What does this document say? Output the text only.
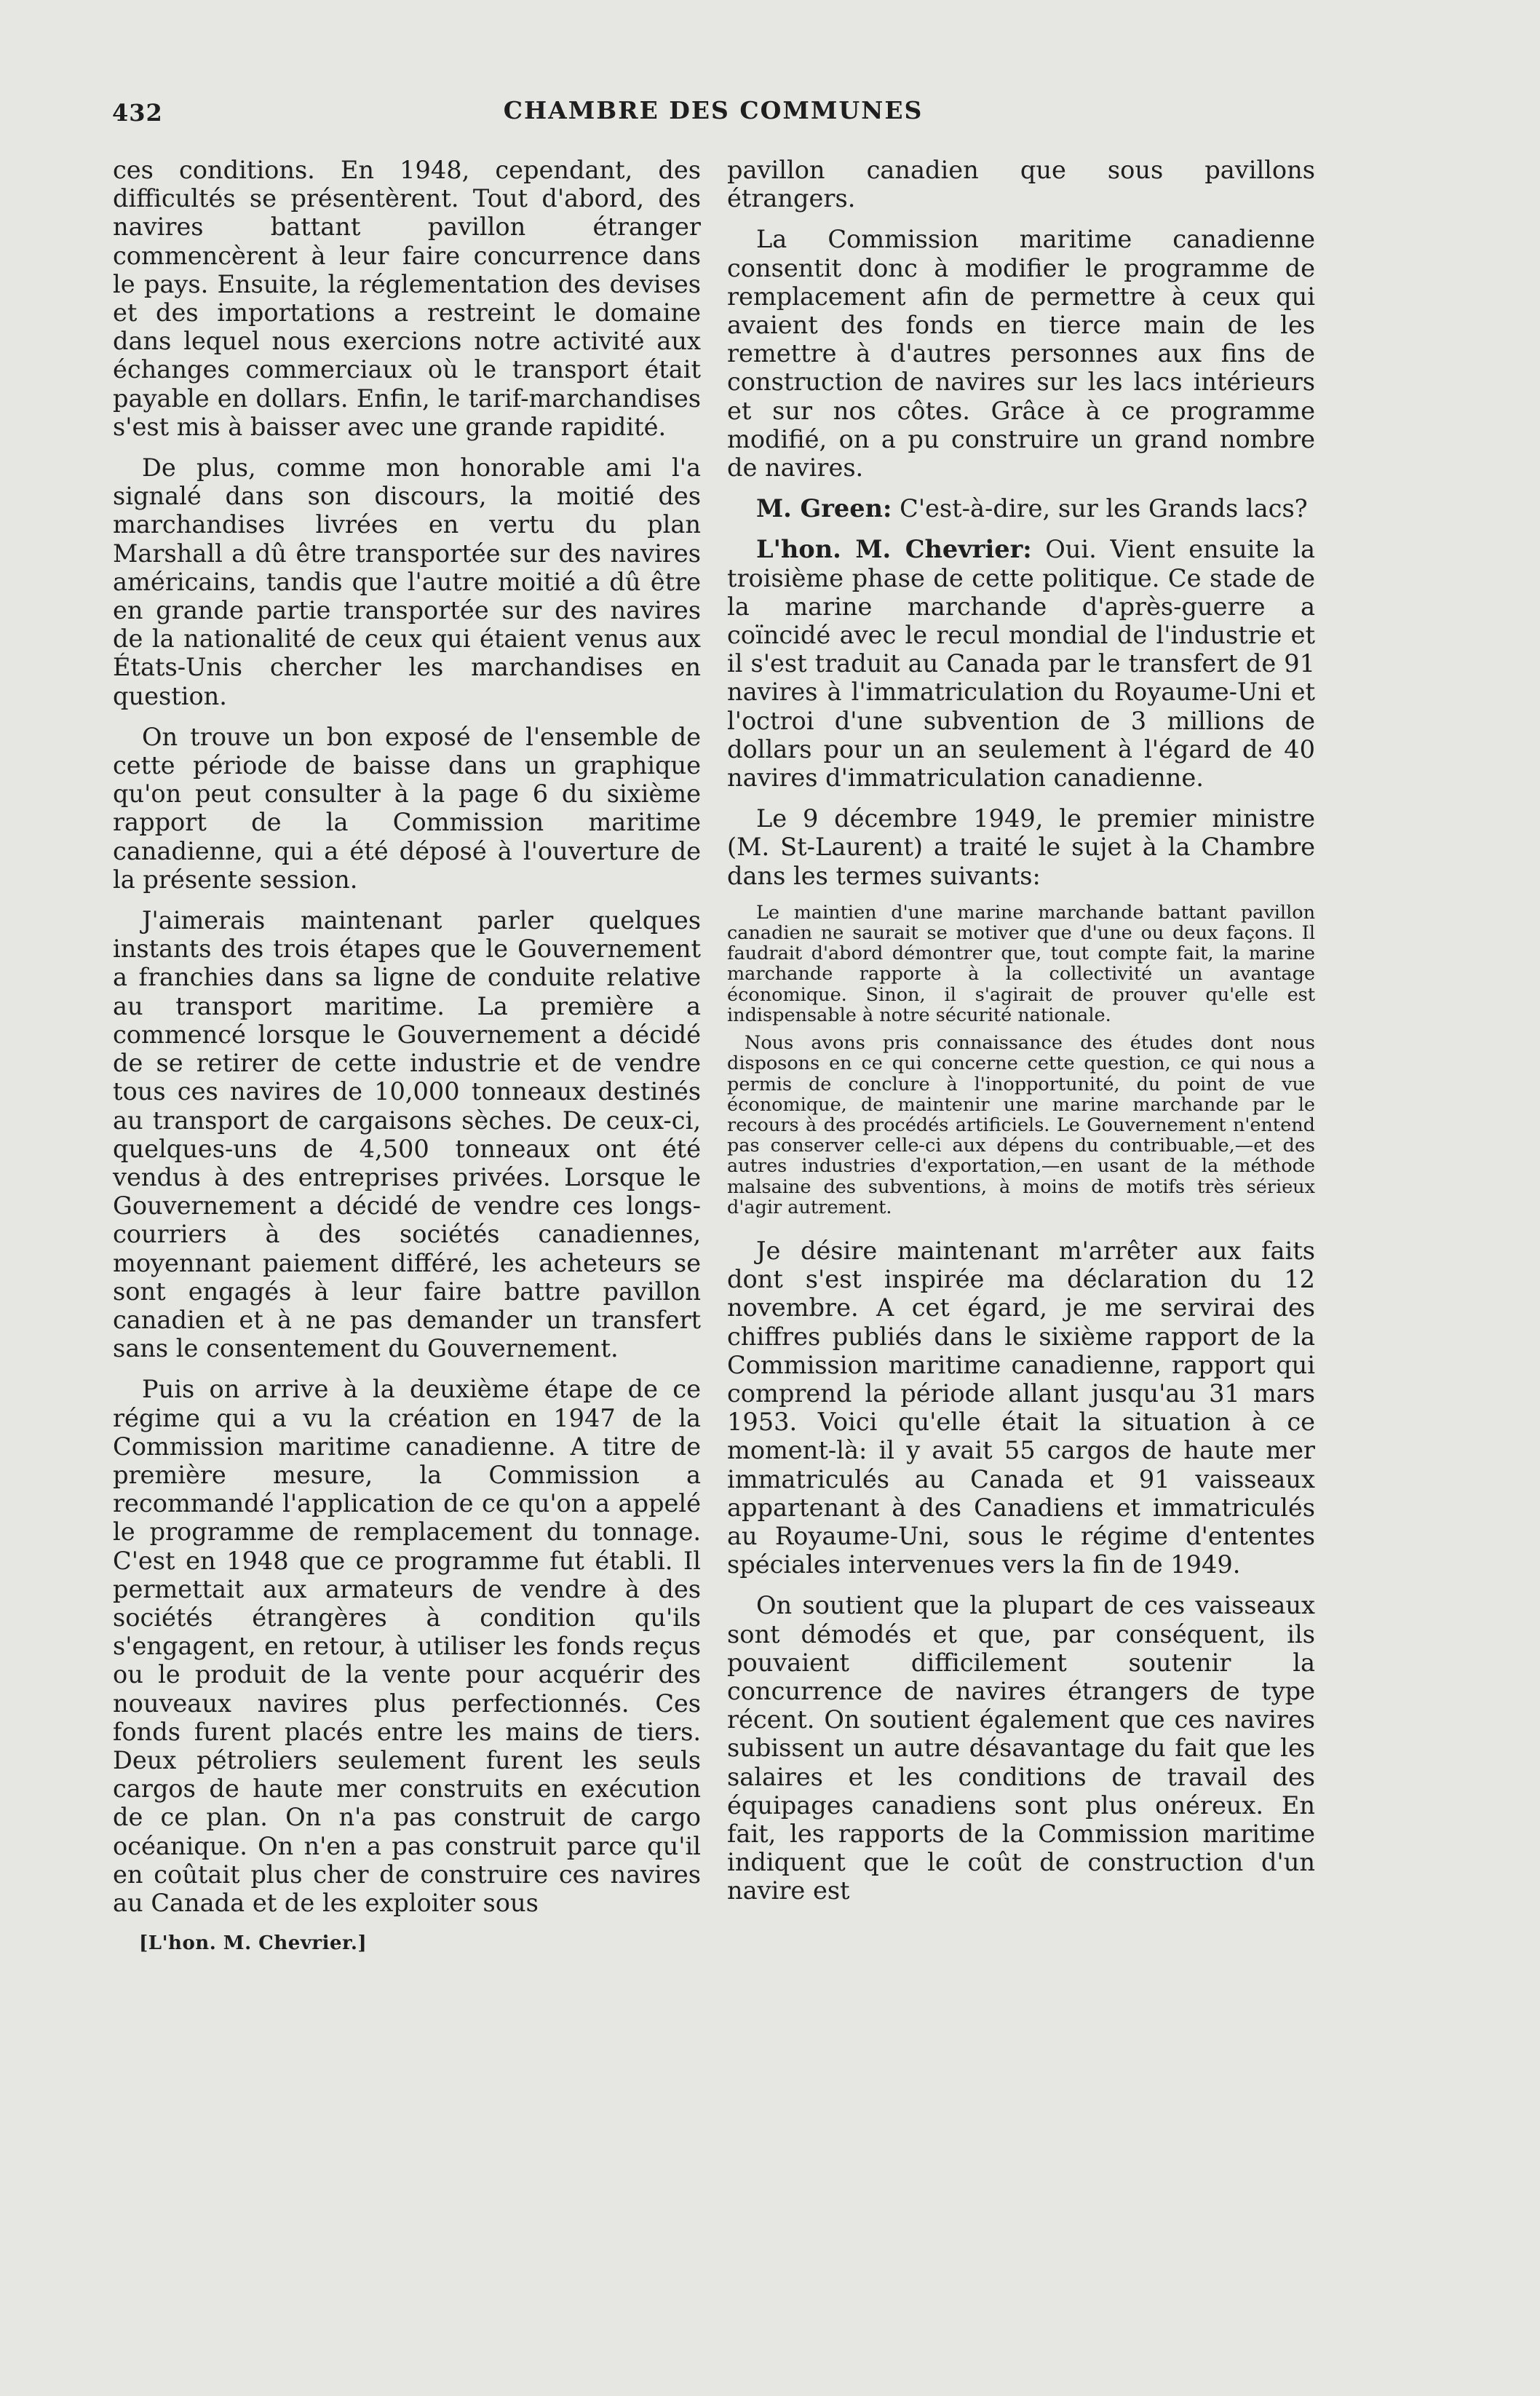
432	CHAMBRE DES COMMUNES

ces conditions. En 1948, cependant, des difficultés se présentèrent. Tout d'abord, des navires battant pavillon étranger commencèrent à leur faire concurrence dans le pays. Ensuite, la réglementation des devises et des importations a restreint le domaine dans lequel nous exercions notre activité aux échanges commerciaux où le transport était payable en dollars. Enfin, le tarif-marchandises s'est mis à baisser avec une grande rapidité.

De plus, comme mon honorable ami l'a signalé dans son discours, la moitié des marchandises livrées en vertu du plan Marshall a dû être transportée sur des navires américains, tandis que l'autre moitié a dû être en grande partie transportée sur des navires de la nationalité de ceux qui étaient venus aux États-Unis chercher les marchandises en question.

On trouve un bon exposé de l'ensemble de cette période de baisse dans un graphique qu'on peut consulter à la page 6 du sixième rapport de la Commission maritime canadienne, qui a été déposé à l'ouverture de la présente session.

J'aimerais maintenant parler quelques instants des trois étapes que le Gouvernement a franchies dans sa ligne de conduite relative au transport maritime. La première a commencé lorsque le Gouvernement a décidé de se retirer de cette industrie et de vendre tous ces navires de 10,000 tonneaux destinés au transport de cargaisons sèches. De ceux-ci, quelques-uns de 4,500 tonneaux ont été vendus à des entreprises privées. Lorsque le Gouvernement a décidé de vendre ces longs-courriers à des sociétés canadiennes, moyennant paiement différé, les acheteurs se sont engagés à leur faire battre pavillon canadien et à ne pas demander un transfert sans le consentement du Gouvernement.

Puis on arrive à la deuxième étape de ce régime qui a vu la création en 1947 de la Commission maritime canadienne. A titre de première mesure, la Commission a recommandé l'application de ce qu'on a appelé le programme de remplacement du tonnage. C'est en 1948 que ce programme fut établi. Il permettait aux armateurs de vendre à des sociétés étrangères à condition qu'ils s'engagent, en retour, à utiliser les fonds reçus ou le produit de la vente pour acquérir des nouveaux navires plus perfectionnés. Ces fonds furent placés entre les mains de tiers. Deux pétroliers seulement furent les seuls cargos de haute mer construits en exécution de ce plan. On n'a pas construit de cargo océanique. On n'en a pas construit parce qu'il en coûtait plus cher de construire ces navires au Canada et de les exploiter sous

[L'hon. M. Chevrier.]

pavillon canadien que sous pavillons étrangers.

La Commission maritime canadienne consentit donc à modifier le programme de remplacement afin de permettre à ceux qui avaient des fonds en tierce main de les remettre à d'autres personnes aux fins de construction de navires sur les lacs intérieurs et sur nos côtes. Grâce à ce programme modifié, on a pu construire un grand nombre de navires.

M. Green: C'est-à-dire, sur les Grands lacs?

L'hon. M. Chevrier: Oui. Vient ensuite la troisième phase de cette politique. Ce stade de la marine marchande d'après-guerre a coïncidé avec le recul mondial de l'industrie et il s'est traduit au Canada par le transfert de 91 navires à l'immatriculation du Royaume-Uni et l'octroi d'une subvention de 3 millions de dollars pour un an seulement à l'égard de 40 navires d'immatriculation canadienne.

Le 9 décembre 1949, le premier ministre (M. St-Laurent) a traité le sujet à la Chambre dans les termes suivants:

Le maintien d'une marine marchande battant pavillon canadien ne saurait se motiver que d'une ou deux façons. Il faudrait d'abord démontrer que, tout compte fait, la marine marchande rapporte à la collectivité un avantage économique. Sinon, il s'agirait de prouver qu'elle est indispensable à notre sécurité nationale.

Nous avons pris connaissance des études dont nous disposons en ce qui concerne cette question, ce qui nous a permis de conclure à l'inopportunité, du point de vue économique, de maintenir une marine marchande par le recours à des procédés artificiels. Le Gouvernement n'entend pas conserver celle-ci aux dépens du contribuable,—et des autres industries d'exportation,—en usant de la méthode malsaine des subventions, à moins de motifs très sérieux d'agir autrement.

Je désire maintenant m'arrêter aux faits dont s'est inspirée ma déclaration du 12 novembre. A cet égard, je me servirai des chiffres publiés dans le sixième rapport de la Commission maritime canadienne, rapport qui comprend la période allant jusqu'au 31 mars 1953. Voici qu'elle était la situation à ce moment-là: il y avait 55 cargos de haute mer immatriculés au Canada et 91 vaisseaux appartenant à des Canadiens et immatriculés au Royaume-Uni, sous le régime d'ententes spéciales intervenues vers la fin de 1949.

On soutient que la plupart de ces vaisseaux sont démodés et que, par conséquent, ils pouvaient difficilement soutenir la concurrence de navires étrangers de type récent. On soutient également que ces navires subissent un autre désavantage du fait que les salaires et les conditions de travail des équipages canadiens sont plus onéreux. En fait, les rapports de la Commission maritime indiquent que le coût de construction d'un navire est
